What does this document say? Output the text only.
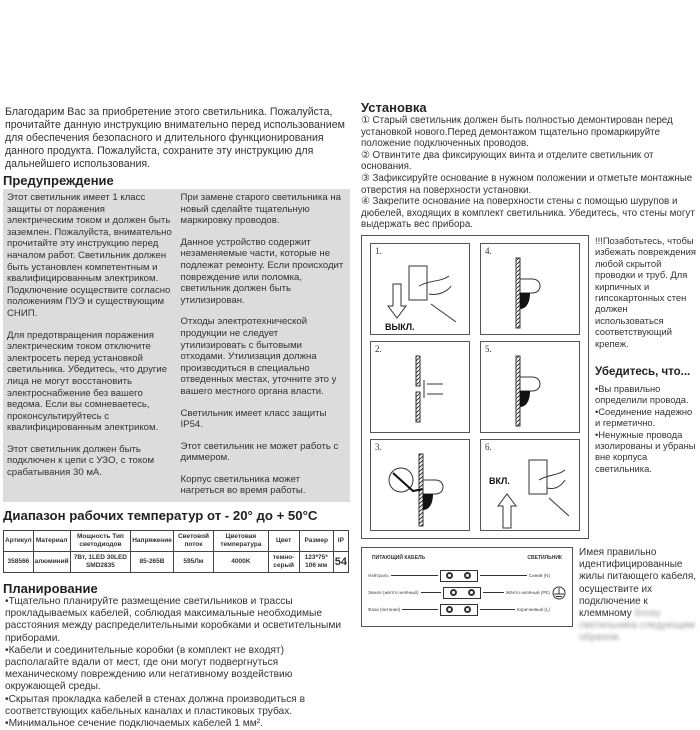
Благодарим Вас за приобретение этого светильника. Пожалуйста, прочитайте данную инструкцию внимательно перед использованием для обеспечения безопасного и длительного функционирования данного продукта. Пожалуйста, сохраните эту инструкцию для дальнейшего использования.
Предупреждение

Этот светильник имеет 1 класс защиты от поражения электрическим током и должен быть заземлен. Пожалуйста, внимательно прочитайте эту инструкцию перед началом работ. Светильник должен быть установлен компетентным и квалифицированным электриком. Подключение осуществите согласно положениям ПУЭ и существующим СНИП.

Для предотвращения поражения электрическим током отключите электросеть перед установкой светильника. Убедитесь, что другие лица не могут восстановить электроснабжение без вашего ведома. Если вы сомневаетесь, проконсультируйтесь с квалифицированным электриком.

Этот светильник должен быть подключен к цепи с УЗО, с током срабатывания 30 мА.

При замене старого светильника на новый сделайте тщательную маркировку проводов.

Данное устройство содержит незаменяемые части, которые не подлежат ремонту. Если происходит повреждение или поломка, светильник должен быть утилизирован.

Отходы электротехнической продукции не следует утилизировать с бытовыми отходами. Утилизация должна производиться в специально отведенных местах, уточните это у вашего местного органа власти.

Светильник имеет класс защиты IP54.

Этот светильник не может работь с диммером.

Корпус светильника может нагреться во время работы.

Диапазон рабочих температур от - 20° до + 50°C
Артикул	Материал	Мощность Тип светодиодов	Напряжение	Световой поток	Цветовая температура	Цвет	Размер	IP
358566	алюминий	7Вт, 1LED 30LED SMD2835	85-265В	595Лм	4000K	темно-серый	123*75* 106 мм	54
Планирование

•Тщательно планируйте размещение светильников и трассы прокладываемых кабелей, соблюдая максимальные необходимые расстояния между распределительными коробками и осветительными приборами.

•Кабели и соединительные коробки (в комплект не входят) располагайте вдали от мест, где они могут подвергнуться механическому повреждению или негативному воздействию окружающей среды.

•Скрытая прокладка кабелей в стенах должна производиться в соответствующих кабельных каналах и пластиковых трубах.

•Минимальное сечение подключаемых кабелей 1 мм².

Установка

① Старый светильник должен быть полностью демонтирован перед установкой нового.Перед демонтажом тщательно промаркируйте положение подключенных проводов.

② Отвинтите два фиксирующих винта и отделите светильник от основания.

③ Зафиксируйте основание в нужном положении и отметьте монтажные отверстия на поверхности установки.

④ Закрепите основание на поверхности стены с помощью шурупов и дюбелей, входящих в комплект светильника. Убедитесь, что стены могут выдержать вес прибора.

ВЫКЛ.
1.	4.
2.	5.
3.
ВКЛ.
6.

!!!Позаботьтесь, чтобы избежать повреждения любой скрытой проводки и труб. Для кирпичных и гипсокартонных стен должен использоваться соответствующий крепеж.

Убедитесь, что...

•Вы правильно определили провода.

•Соединение надежно и герметично.

•Ненужные провода изолированы и убраны вне корпуса светильника.

ПИТАЮЩИЙ КАБЕЛЬ	СВЕТИЛЬНИК
Нейтраль	Синий (N)
Земля (жёлто-зелёный)	Жёлто-зелёный (PE)
Фаза (питание)	Коричневый (L)
Имея правильно идентифицированные жилы питающего кабеля, осуществите их подключение к клеммному блоку светильника следующим образом.
